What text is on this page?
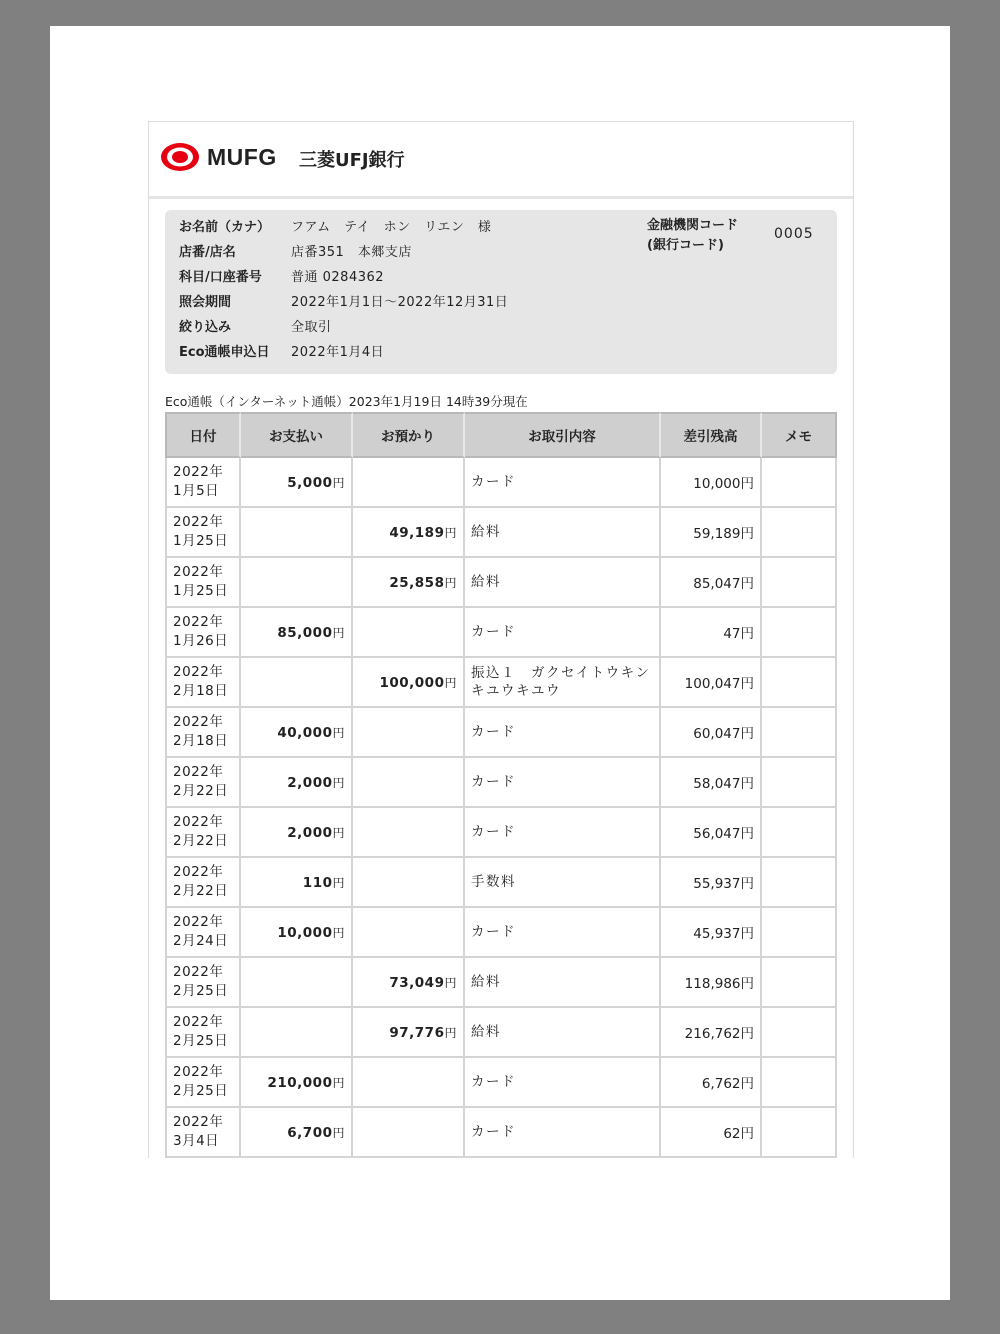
MUFG 三菱UFJ銀行
お名前（カナ）	フアム　テイ　ホン　リエン　様
店番/店名	店番351　本郷支店
科目/口座番号	普通 0284362
照会期間	2022年1月1日～2022年12月31日
絞り込み	全取引
Eco通帳申込日	2022年1月4日
金融機関コード
(銀行コード)
0005
Eco通帳（インターネット通帳）2023年1月19日 14時39分現在
日付	お支払い	お預かり	お取引内容	差引残高	メモ

2022年
1月5日	5,000円		カード	10,000円	

2022年
1月25日		49,189円	給料	59,189円	

2022年
1月25日		25,858円	給料	85,047円	

2022年
1月26日	85,000円		カード	47円	

2022年
2月18日		100,000円	振込１　ガクセイトウキンキユウキユウ	100,047円	

2022年
2月18日	40,000円		カード	60,047円	

2022年
2月22日	2,000円		カード	58,047円	

2022年
2月22日	2,000円		カード	56,047円	

2022年
2月22日	110円		手数料	55,937円	

2022年
2月24日	10,000円		カード	45,937円	

2022年
2月25日		73,049円	給料	118,986円	

2022年
2月25日		97,776円	給料	216,762円	

2022年
2月25日	210,000円		カード	6,762円	

2022年
3月4日	6,700円		カード	62円	
